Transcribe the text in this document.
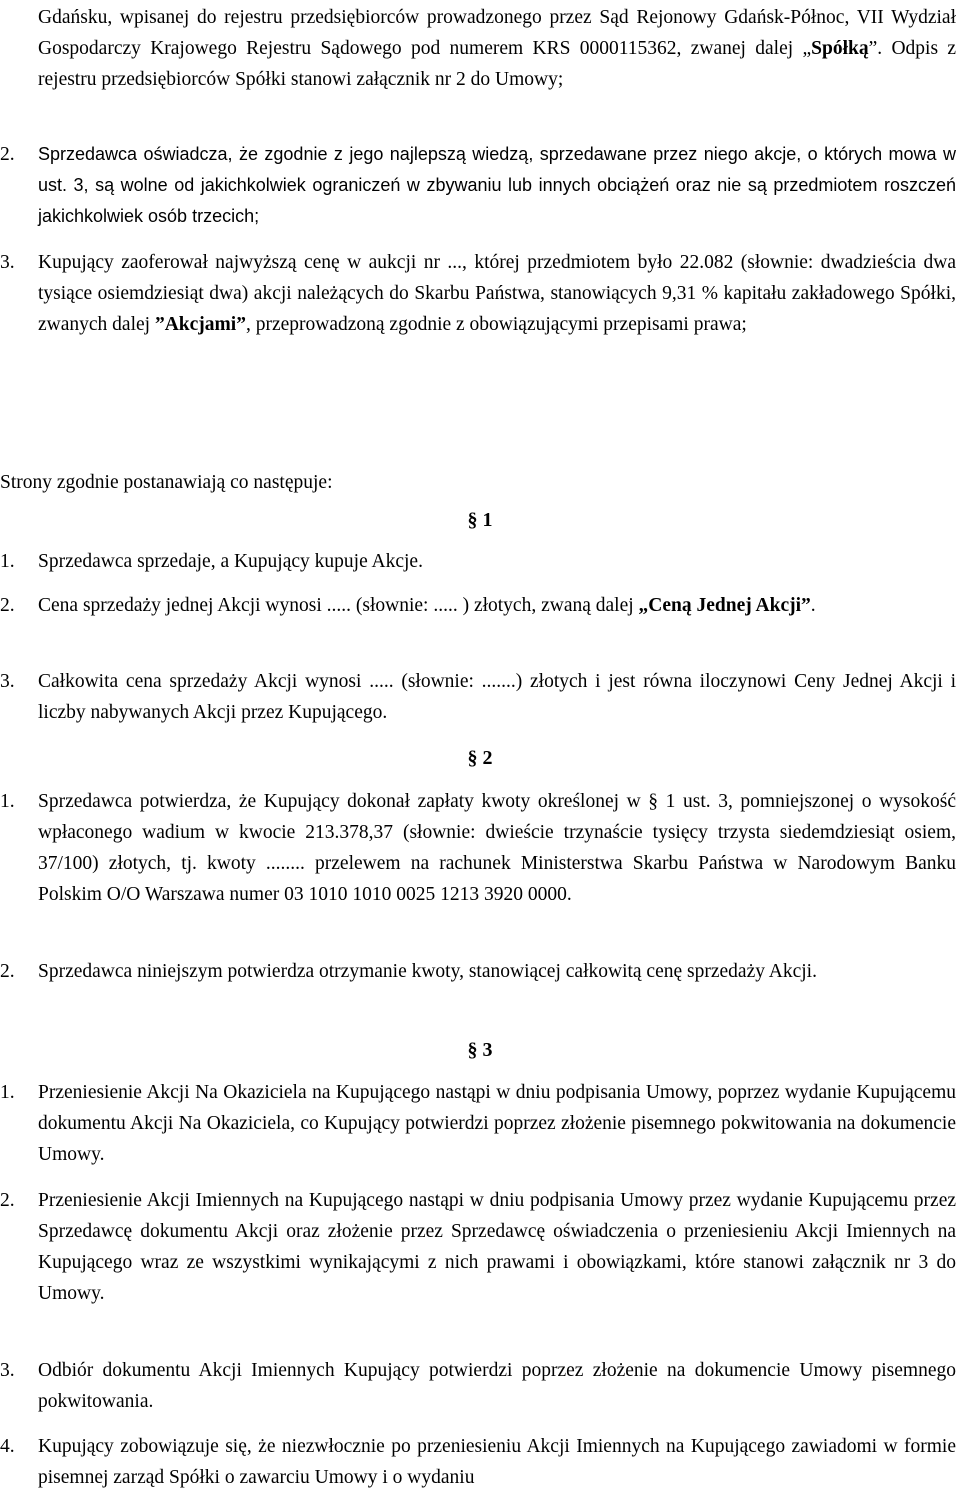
Gdańsku, wpisanej do rejestru przedsiębiorców prowadzonego przez Sąd Rejonowy Gdańsk-Północ, VII Wydział Gospodarczy Krajowego Rejestru Sądowego pod numerem KRS 0000115362, zwanej dalej „Spółką”. Odpis z rejestru przedsiębiorców Spółki stanowi załącznik nr 2 do Umowy;

2.	Sprzedawca oświadcza, że zgodnie z jego najlepszą wiedzą, sprzedawane przez niego akcje, o których mowa w ust. 3, są wolne od jakichkolwiek ograniczeń w zbywaniu lub innych obciążeń oraz nie są przedmiotem roszczeń jakichkolwiek osób trzecich;
3.	Kupujący zaoferował najwyższą cenę w aukcji nr ..., której przedmiotem było 22.082 (słownie: dwadzieścia dwa tysiące osiemdziesiąt dwa) akcji należących do Skarbu Państwa, stanowiących 9,31 % kapitału zakładowego Spółki, zwanych dalej ”Akcjami”, przeprowadzoną zgodnie z obowiązującymi przepisami prawa;

Strony zgodnie postanawiają co następuje:

§ 1
1.	Sprzedawca sprzedaje, a Kupujący kupuje Akcje.
2.	Cena sprzedaży jednej Akcji wynosi ..... (słownie: ..... ) złotych, zwaną dalej „Ceną Jednej Akcji”.
3.	Całkowita cena sprzedaży Akcji wynosi ..... (słownie: .......) złotych i jest równa iloczynowi Ceny Jednej Akcji i liczby nabywanych Akcji przez Kupującego.
§ 2
1.	Sprzedawca potwierdza, że Kupujący dokonał zapłaty kwoty określonej w § 1 ust. 3, pomniejszonej o wysokość wpłaconego wadium w kwocie 213.378,37 (słownie: dwieście trzynaście tysięcy trzysta siedemdziesiąt osiem, 37/100) złotych, tj. kwoty ........ przelewem na rachunek Ministerstwa Skarbu Państwa w Narodowym Banku Polskim O/O Warszawa numer 03 1010 1010 0025 1213 3920 0000.
2.	Sprzedawca niniejszym potwierdza otrzymanie kwoty, stanowiącej całkowitą cenę sprzedaży Akcji.
§ 3
1.	Przeniesienie Akcji Na Okaziciela na Kupującego nastąpi w dniu podpisania Umowy, poprzez wydanie Kupującemu dokumentu Akcji Na Okaziciela, co Kupujący potwierdzi poprzez złożenie pisemnego pokwitowania na dokumencie Umowy.
2.	Przeniesienie Akcji Imiennych na Kupującego nastąpi w dniu podpisania Umowy przez wydanie Kupującemu przez Sprzedawcę dokumentu Akcji oraz złożenie przez Sprzedawcę oświadczenia o przeniesieniu Akcji Imiennych na Kupującego wraz ze wszystkimi wynikającymi z nich prawami i obowiązkami, które stanowi załącznik nr 3 do Umowy.
3.	Odbiór dokumentu Akcji Imiennych Kupujący potwierdzi poprzez złożenie na dokumencie Umowy pisemnego pokwitowania.
4.	Kupujący zobowiązuje się, że niezwłocznie po przeniesieniu Akcji Imiennych na Kupującego zawiadomi w formie pisemnej zarząd Spółki o zawarciu Umowy i o wydaniu
